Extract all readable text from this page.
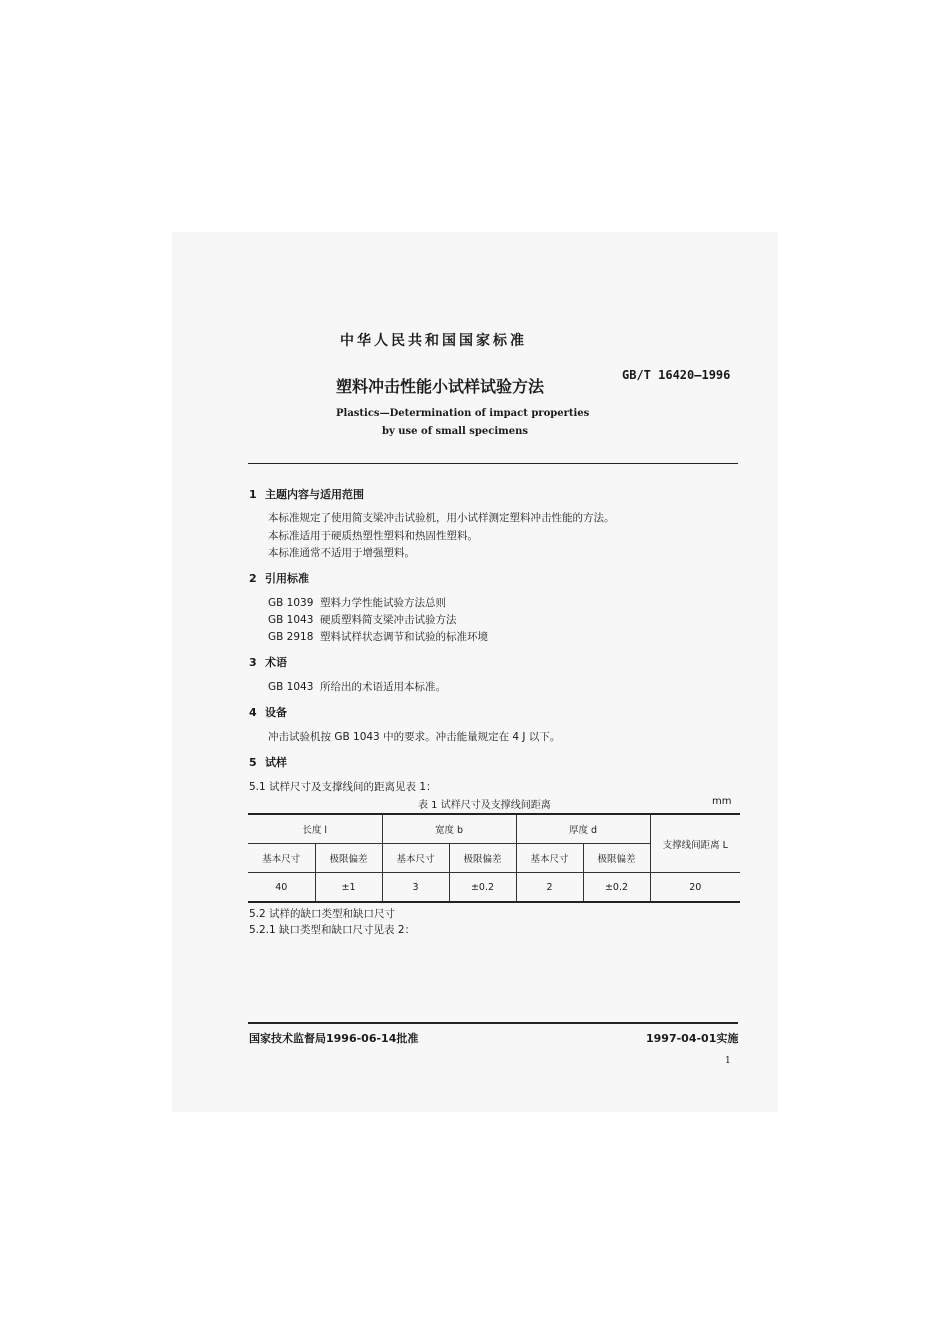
中华人民共和国国家标准
GB/T 16420—1996
塑料冲击性能小试样试验方法
Plastics—Determination of impact properties
by use of small specimens
1 主题内容与适用范围
本标准规定了使用简支梁冲击试验机，用小试样测定塑料冲击性能的方法。
本标准适用于硬质热塑性塑料和热固性塑料。
本标准通常不适用于增强塑料。
2 引用标准
GB 1039 塑料力学性能试验方法总则
GB 1043 硬质塑料简支梁冲击试验方法
GB 2918 塑料试样状态调节和试验的标准环境
3 术语
GB 1043 所给出的术语适用本标准。
4 设备
冲击试验机按 GB 1043 中的要求。冲击能量规定在 4 J 以下。
5 试样
5.1 试样尺寸及支撑线间的距离见表 1：
表 1 试样尺寸及支撑线间距离	mm
长度 l		宽度 b		厚度 d		支撑线间距离 L
基本尺寸	极限偏差	基本尺寸	极限偏差	基本尺寸	极限偏差	
40	±1	3	±0.2	2	±0.2	20
5.2 试样的缺口类型和缺口尺寸
5.2.1 缺口类型和缺口尺寸见表 2：
国家技术监督局1996-06-14批准	1997-04-01实施
1
